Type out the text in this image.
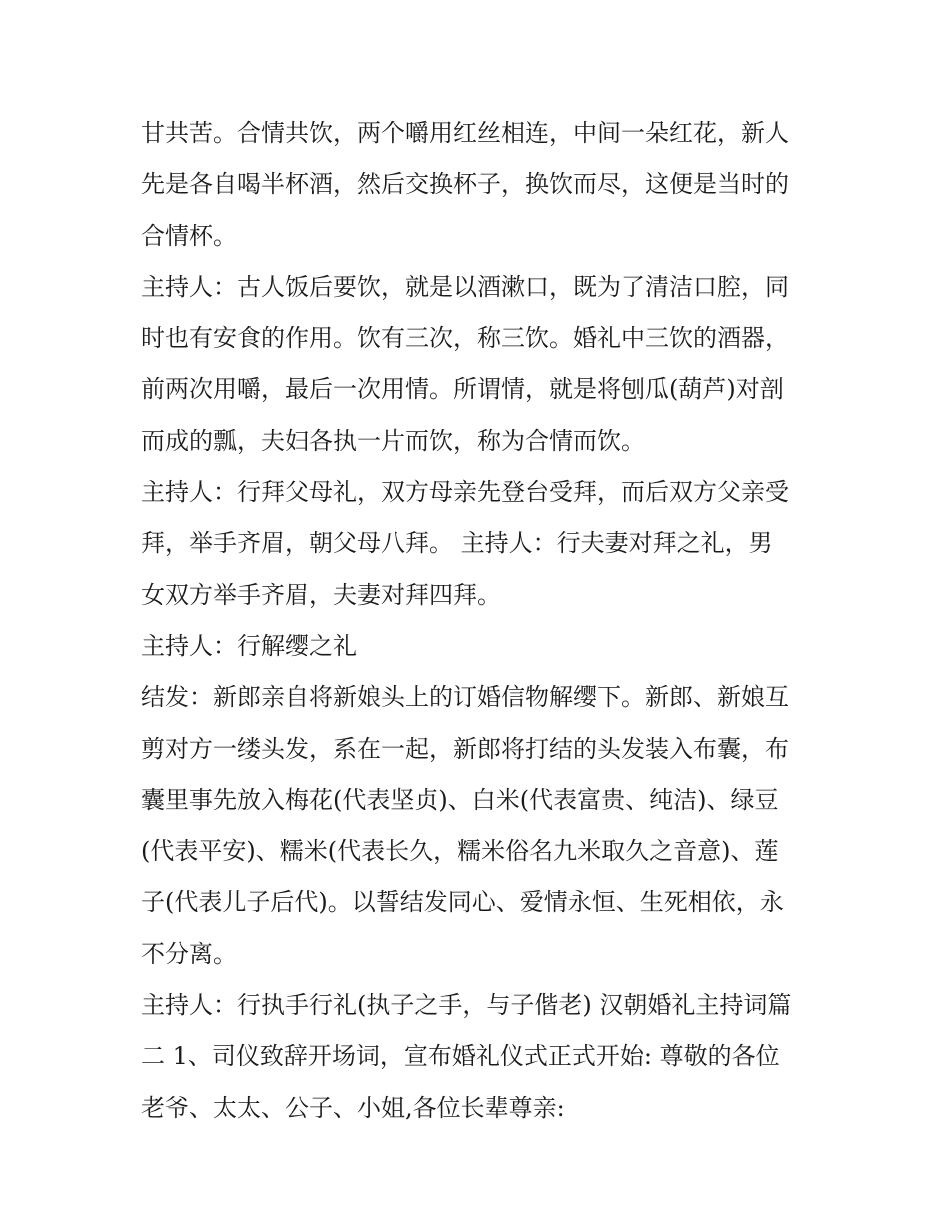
甘共苦。合情共饮，两个嚼用红丝相连，中间一朵红花，新人
先是各自喝半杯酒，然后交换杯子，换饮而尽，这便是当时的
合情杯。

主持人：古人饭后要饮，就是以酒漱口，既为了清洁口腔，同
时也有安食的作用。饮有三次，称三饮。婚礼中三饮的酒器，
前两次用嚼，最后一次用情。所谓情，就是将刨瓜(葫芦)对剖
而成的瓢，夫妇各执一片而饮，称为合情而饮。

主持人：行拜父母礼，双方母亲先登台受拜，而后双方父亲受
拜，举手齐眉，朝父母八拜。 主持人：行夫妻对拜之礼，男
女双方举手齐眉，夫妻对拜四拜。

主持人：行解缨之礼

结发：新郎亲自将新娘头上的订婚信物解缨下。新郎、新娘互
剪对方一缕头发，系在一起，新郎将打结的头发装入布囊，布
囊里事先放入梅花(代表坚贞)、白米(代表富贵、纯洁)、绿豆
(代表平安)、糯米(代表长久，糯米俗名九米取久之音意)、莲
子(代表儿子后代)。以誓结发同心、爱情永恒、生死相依，永
不分离。

主持人：行执手行礼(执子之手，与子偕老) 汉朝婚礼主持词篇
二 1、司仪致辞开场词，宣布婚礼仪式正式开始: 尊敬的各位
老爷、太太、公子、小姐,各位长辈尊亲:
